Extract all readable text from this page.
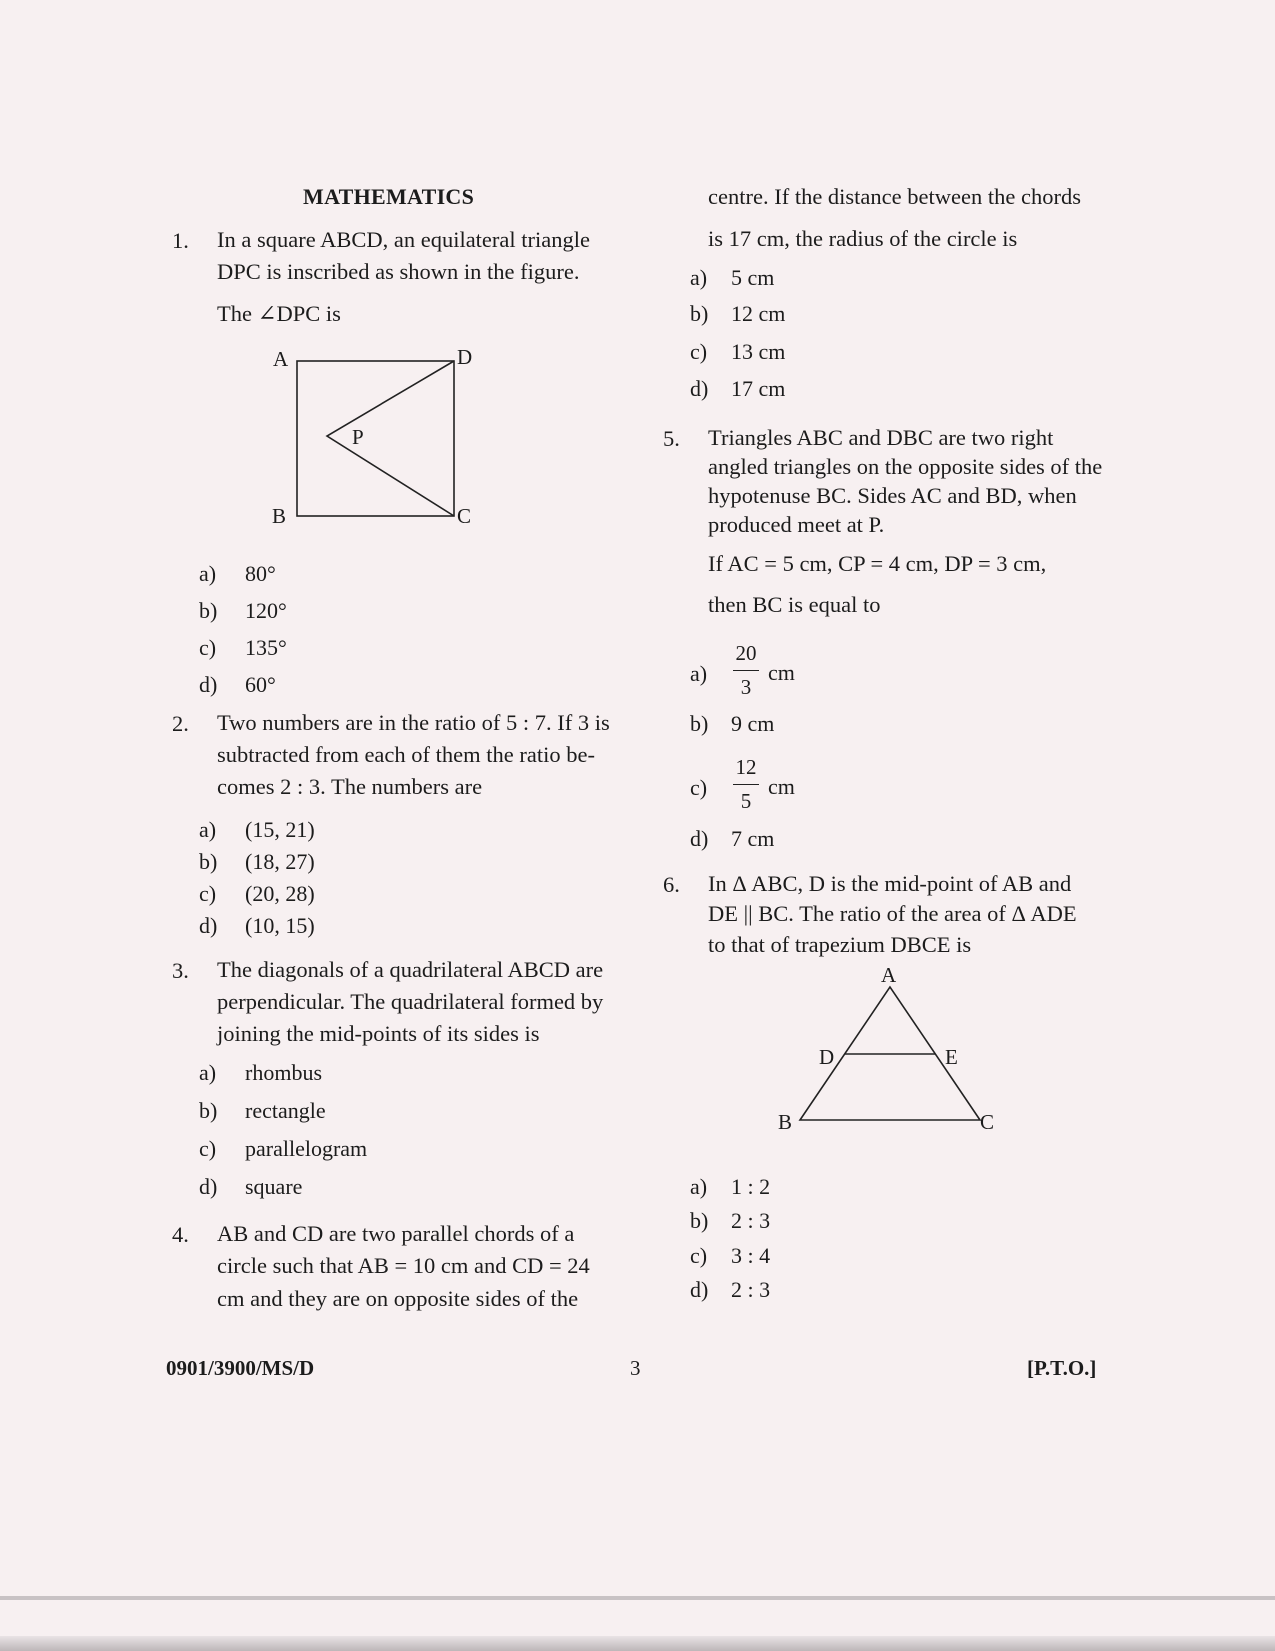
MATHEMATICS
1. In a square ABCD, an equilateral triangle
DPC is inscribed as shown in the figure.
The ∠DPC is
A	D
P
B	C
a) 80°
b) 120°
c) 135°
d) 60°
2. Two numbers are in the ratio of 5 : 7. If 3 is
subtracted from each of them the ratio be-
comes 2 : 3. The numbers are
a) (15, 21)
b) (18, 27)
c) (20, 28)
d) (10, 15)
3. The diagonals of a quadrilateral ABCD are
perpendicular. The quadrilateral formed by
joining the mid-points of its sides is
a) rhombus
b) rectangle
c) parallelogram
d) square
4. AB and CD are two parallel chords of a
circle such that AB = 10 cm and CD = 24
cm and they are on opposite sides of the
centre. If the distance between the chords
is 17 cm, the radius of the circle is
a) 5 cm
b) 12 cm
c) 13 cm
d) 17 cm
5. Triangles ABC and DBC are two right
angled triangles on the opposite sides of the
hypotenuse BC. Sides AC and BD, when
produced meet at P.
If AC = 5 cm, CP = 4 cm, DP = 3 cm,
then BC is equal to
a)
20
3
cm
b) 9 cm
c)
12
5
cm
d) 7 cm
6. In Δ ABC, D is the mid-point of AB and
DE || BC. The ratio of the area of Δ ADE
to that of trapezium DBCE is
A
D	E
B	C
a) 1 : 2
b) 2 : 3
c) 3 : 4
d) 2 : 3
0901/3900/MS/D	3	[P.T.O.]
